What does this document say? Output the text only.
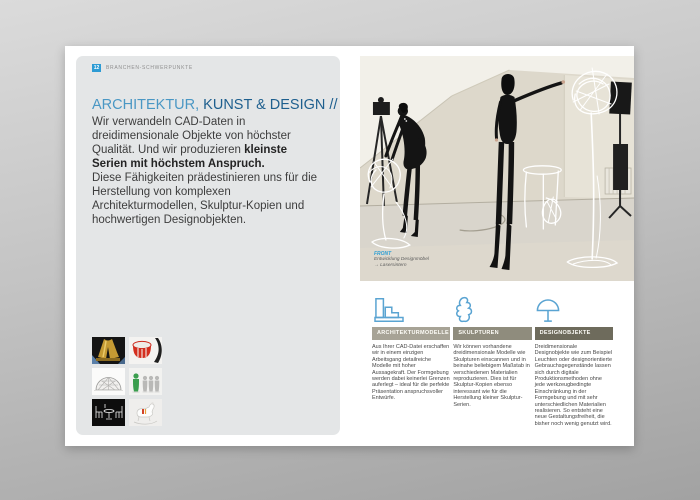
12	BRANCHEN-SCHWERPUNKTE
ARCHITEKTUR, KUNST & DESIGN //

Wir verwandeln CAD-Daten in dreidimensionale Objekte von höchster Qualität. Und wir produzieren kleinste Serien mit höchstem Anspruch.

Diese Fähigkeiten prädestinieren uns für die Herstellung von komplexen Architekturmodellen, Skulptur-Kopien und hochwertigen Designobjekten.

FRONT
Entwicklung Designmöbel
→ Lasersintern
ARCHITEKTURMODELLE

Aus Ihrer CAD-Datei erschaffen wir in einem einzigen Arbeitsgang detailreiche Modelle mit hoher Aussagekraft. Der Formgebung werden dabei keinerlei Grenzen auferlegt – ideal für die perfekte Präsentation anspruchsvoller Entwürfe.

SKULPTUREN

Wir können vorhandene dreidimensionale Modelle wie Skulpturen einscannen und in beinahe beliebigem Maßstab in verschiedenen Materialien reproduzieren. Dies ist für Skulptur-Kopien ebenso interessant wie für die Herstellung kleiner Skulptur-Serien.

DESIGNOBJEKTE

Dreidimensionale Designobjekte wie zum Beispiel Leuchten oder designorientierte Gebrauchsgegenstände lassen sich durch digitale Produktionsmethoden ohne jede werkzeugbedingte Einschränkung in der Formgebung und mit sehr unterschiedlichen Materialien realisieren. So entsteht eine neue Gestaltungsfreiheit, die bisher noch wenig genutzt wird.
